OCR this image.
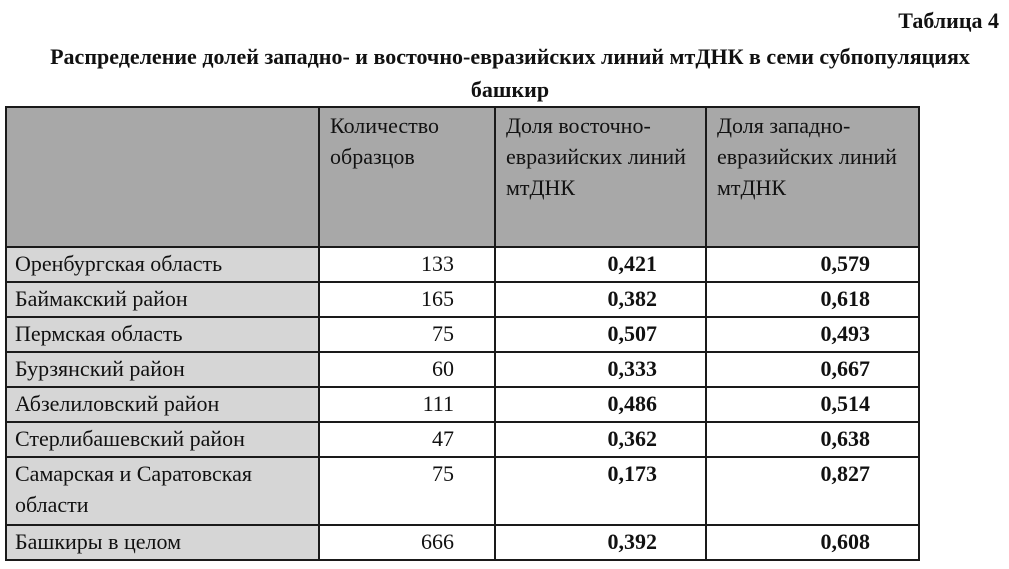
Таблица 4
Распределение долей западно- и восточно-евразийских линий мтДНК в семи субпопуляциях башкир
	Количество образцов	Доля восточно-евразийских линий мтДНК	Доля западно-евразийских линий мтДНК
Оренбургская область	133	0,421	0,579
Баймакский район	165	0,382	0,618
Пермская область	75	0,507	0,493
Бурзянский район	60	0,333	0,667
Абзелиловский район	111	0,486	0,514
Стерлибашевский район	47	0,362	0,638
Самарская и Саратовская области	75	0,173	0,827
Башкиры в целом	666	0,392	0,608
